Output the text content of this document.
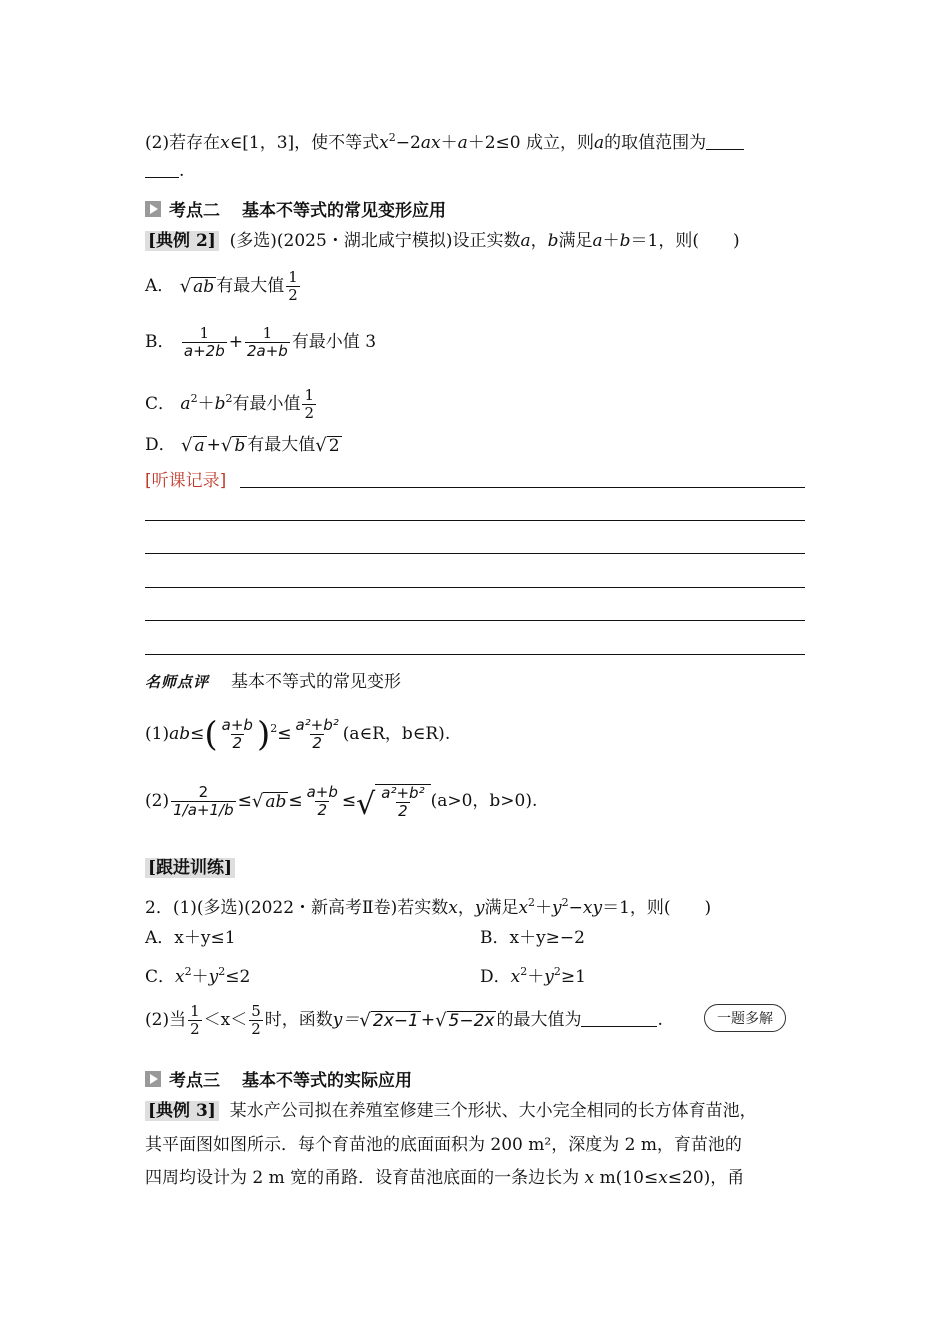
(2)若存在x∈[1，3]，使不等式$x^2-2ax+a+2\le 0$ 成立，则a的取值范围为
.
考点二 基本不等式的常见变形应用
[典例 2] (多选)(2025・湖北咸宁模拟)设正实数a，b满足a＋b＝1，则(　　)
A． √ ab 有最大值 $\frac{1}{2}$
B． $\frac{1}{a+2b} + \frac{1}{2a+b}$ 有最小值 3
C． $a^2+b^2$有最小值 $\frac{1}{2}$
D． √ a + √ b 有最大值 √ 2
[听课记录]
名师点评 基本不等式的常见变形
$(1)ab\le( \frac{a+b}{2} )^2\le \frac{\text{a²+b²}}{2}$ (a∈R，b∈R).
$(2) \frac{2}{1/a+1/b}$ ≤ √ ab ≤ $\frac{a+b}{2}$ ≤ √ $\frac{\text{a²+b²}}{2} (a>0$，b>0).
[跟进训练]
2．(1)(多选)(2022・新高考Ⅱ卷)若实数x，y满足$x^2+y^2-xy=1$，则(　　)
A．x＋y≤1	B．x＋y≥−2
C．$x^2+y^2\le 2$	D．$x^2+y^2\ge 1$
(2)当 $\frac{1}{2} <x< \frac{5}{2}$ 时，函数y＝ √ 2x−1 + √ 5−2x 的最大值为	.	一题多解
考点三 基本不等式的实际应用
[典例 3] 某水产公司拟在养殖室修建三个形状、大小完全相同的长方体育苗池，
其平面图如图所示．每个育苗池的底面面积为 200 m²，深度为 2 m，育苗池的
四周均设计为 2 m 宽的甬路．设育苗池底面的一条边长为 x m(10≤x≤20)，甬
